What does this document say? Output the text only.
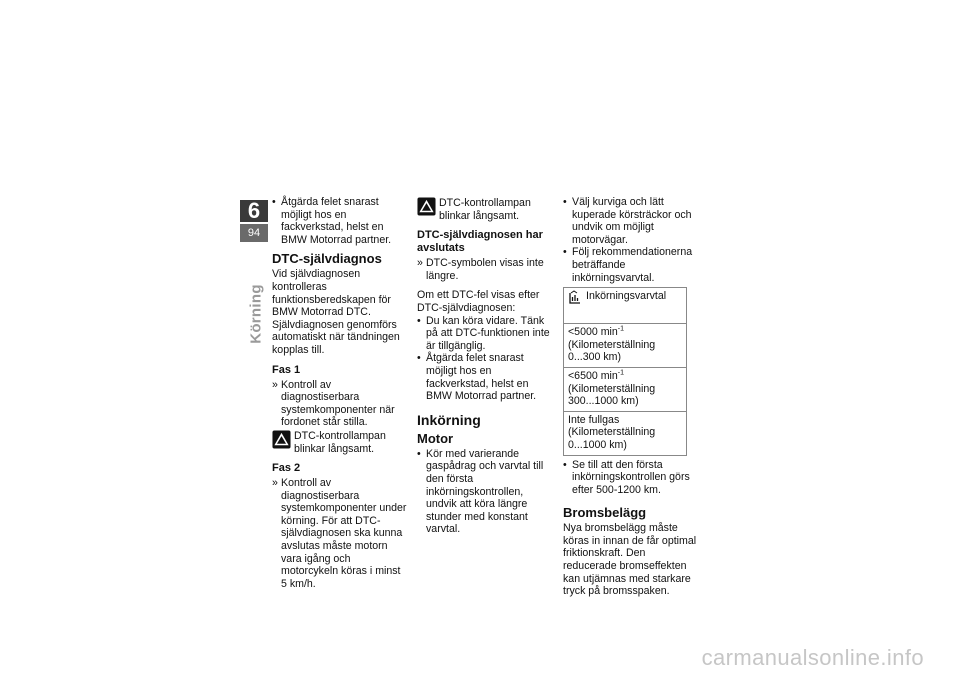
6
94
Körning
• Åtgärda felet snarast möjligt hos en fackverkstad, helst en BMW Motorrad partner.
DTC-självdiagnos

Vid självdiagnosen kontrolleras funktionsberedskapen för BMW Motorrad DTC. Självdiagnosen genomförs automatiskt när tändningen kopplas till.

Fas 1
» Kontroll av diagnostiserbara systemkomponenter när fordonet står stilla.
DTC-kontrollampan blinkar långsamt.
Fas 2
» Kontroll av diagnostiserbara systemkomponenter under körning. För att DTC-självdiagnosen ska kunna avslutas måste motorn vara igång och motorcykeln köras i minst 5 km/h.
DTC-kontrollampan blinkar långsamt.
DTC-självdiagnosen har avslutats
» DTC-symbolen visas inte längre.

Om ett DTC-fel visas efter DTC-självdiagnosen:

• Du kan köra vidare. Tänk på att DTC-funktionen inte är tillgänglig.
• Åtgärda felet snarast möjligt hos en fackverkstad, helst en BMW Motorrad partner.
Inkörning
Motor
• Kör med varierande gaspådrag och varvtal till den första inkörningskontrollen, undvik att köra längre stunder med konstant varvtal.
• Välj kurviga och lätt kuperade körsträckor och undvik om möjligt motorvägar.
• Följ rekommendationerna beträffande inkörningsvarvtal.
Inkörningsvarvtal

<5000 $\min^{-1}$ (Kilometerställning 0...300 km)
<6500 $\min^{-1}$ (Kilometerställning 300...1000 km)
Inte fullgas (Kilometerställning 0...1000 km)
• Se till att den första inkörningskontrollen görs efter 500-1200 km.
Bromsbelägg

Nya bromsbelägg måste köras in innan de får optimal friktionskraft. Den reducerade bromseffekten kan utjämnas med starkare tryck på bromsspaken.

carmanualsonline.info
